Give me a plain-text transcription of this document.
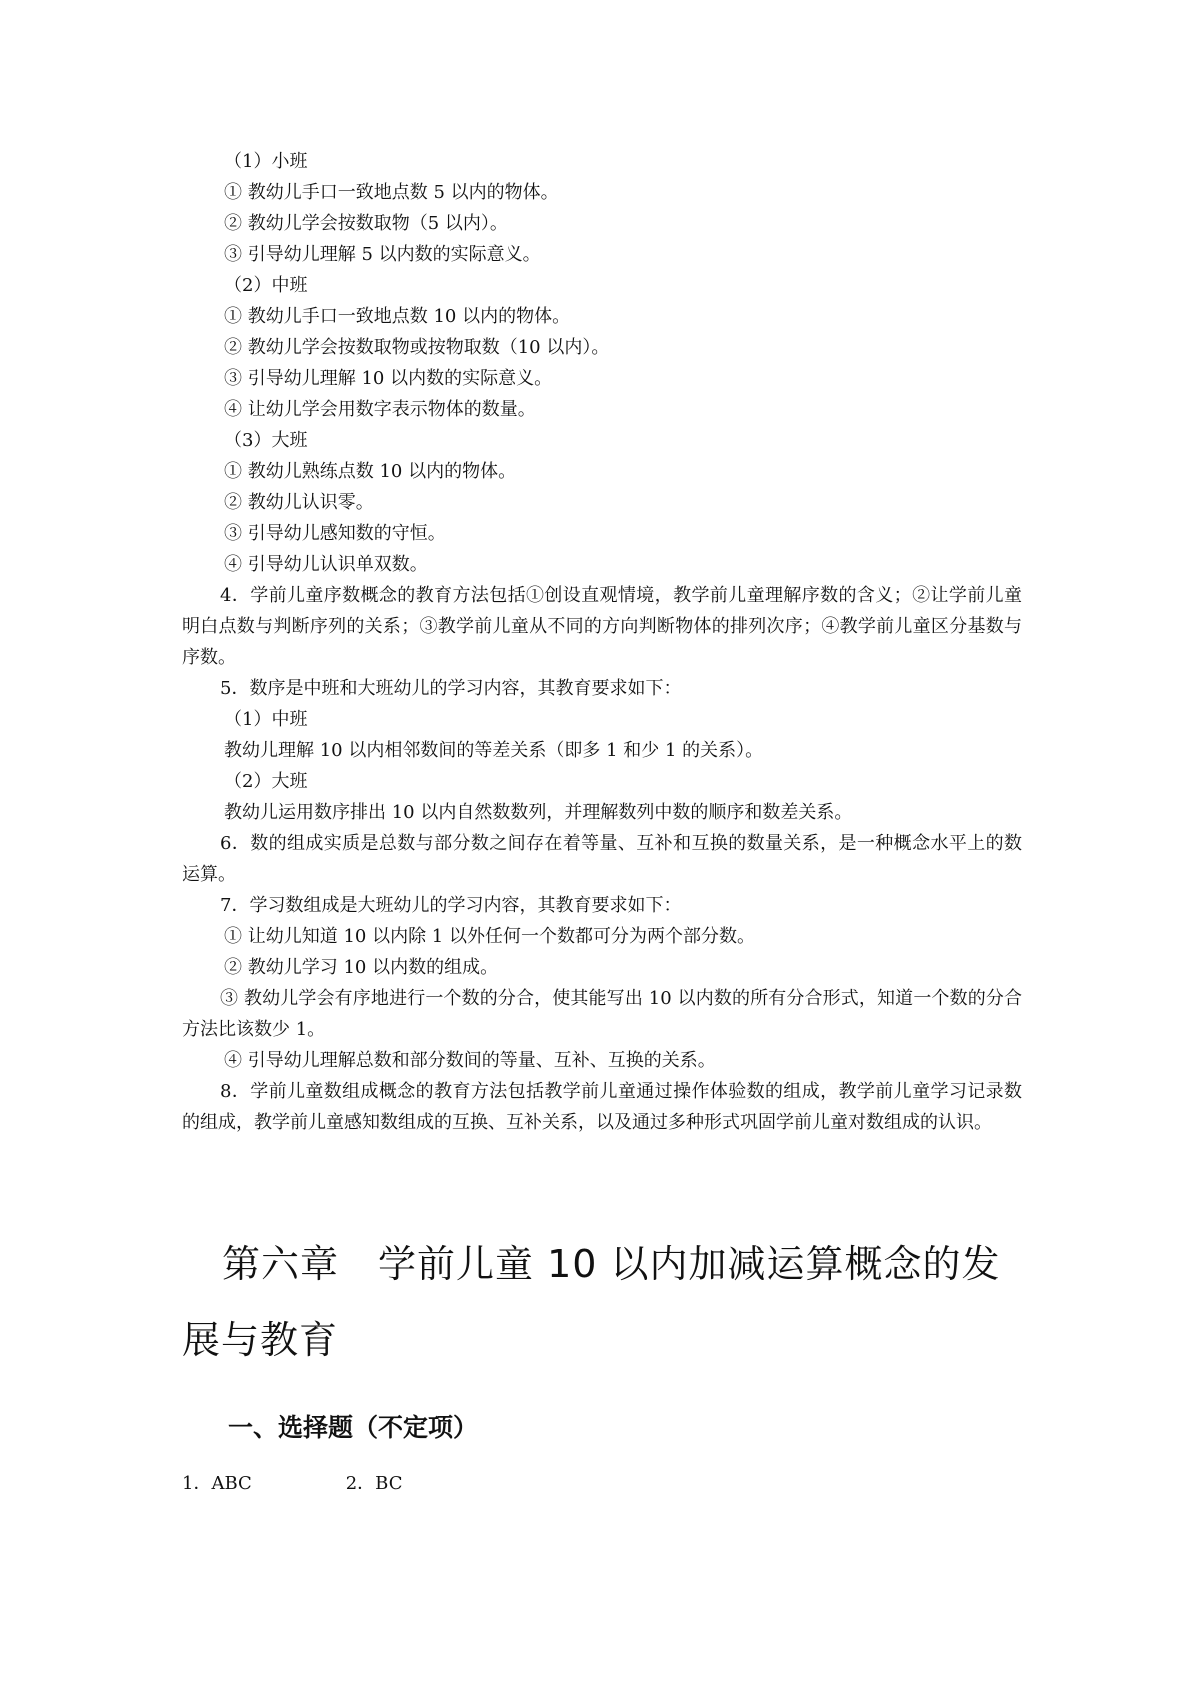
（1）小班
① 教幼儿手口一致地点数 5 以内的物体。
② 教幼儿学会按数取物（5 以内）。
③ 引导幼儿理解 5 以内数的实际意义。
（2）中班
① 教幼儿手口一致地点数 10 以内的物体。
② 教幼儿学会按数取物或按物取数（10 以内）。
③ 引导幼儿理解 10 以内数的实际意义。
④ 让幼儿学会用数字表示物体的数量。
（3）大班
① 教幼儿熟练点数 10 以内的物体。
② 教幼儿认识零。
③ 引导幼儿感知数的守恒。
④ 引导幼儿认识单双数。
4．学前儿童序数概念的教育方法包括①创设直观情境，教学前儿童理解序数的含义；②让学前儿童明白点数与判断序列的关系；③教学前儿童从不同的方向判断物体的排列次序；④教学前儿童区分基数与序数。
5．数序是中班和大班幼儿的学习内容，其教育要求如下：
（1）中班
教幼儿理解 10 以内相邻数间的等差关系（即多 1 和少 1 的关系）。
（2）大班
教幼儿运用数序排出 10 以内自然数数列，并理解数列中数的顺序和数差关系。
6．数的组成实质是总数与部分数之间存在着等量、互补和互换的数量关系，是一种概念水平上的数运算。
7．学习数组成是大班幼儿的学习内容，其教育要求如下：
① 让幼儿知道 10 以内除 1 以外任何一个数都可分为两个部分数。
② 教幼儿学习 10 以内数的组成。
③ 教幼儿学会有序地进行一个数的分合，使其能写出 10 以内数的所有分合形式，知道一个数的分合方法比该数少 1。
④ 引导幼儿理解总数和部分数间的等量、互补、互换的关系。
8．学前儿童数组成概念的教育方法包括教学前儿童通过操作体验数的组成，教学前儿童学习记录数的组成，教学前儿童感知数组成的互换、互补关系，以及通过多种形式巩固学前儿童对数组成的认识。
第六章　学前儿童 10 以内加减运算概念的发展与教育
一、选择题（不定项）
1．ABC	2．BC
